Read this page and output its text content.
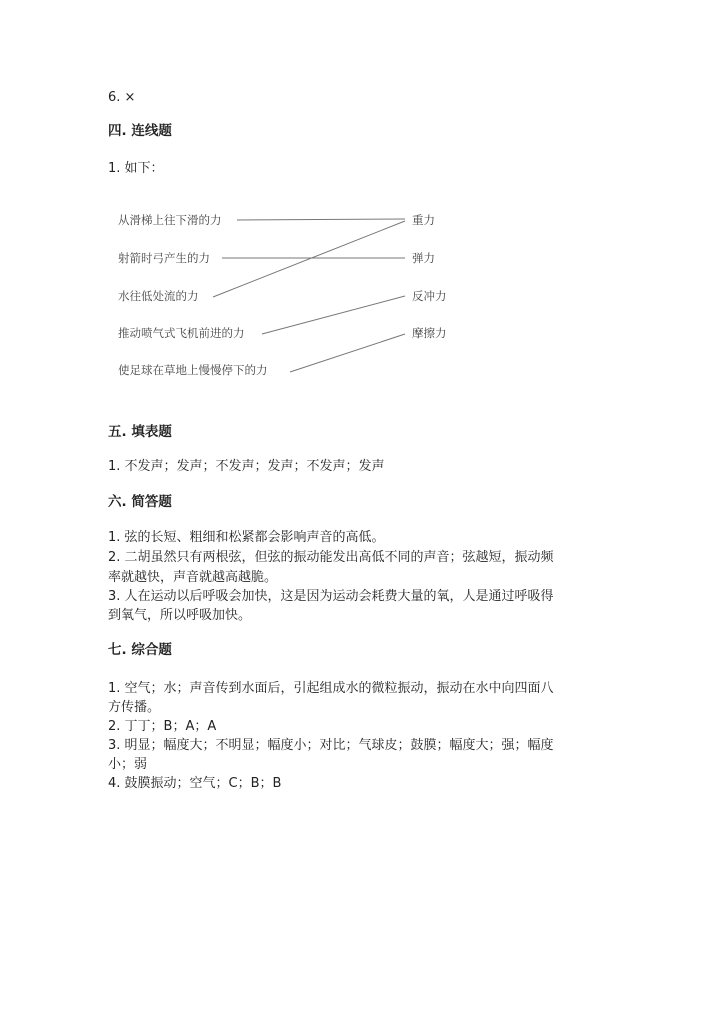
6. ×
四. 连线题
1. 如下：
从滑梯上往下滑的力
射箭时弓产生的力
水往低处流的力
推动喷气式飞机前进的力
使足球在草地上慢慢停下的力
重力
弹力
反冲力
摩擦力
五. 填表题
1. 不发声；发声；不发声；发声；不发声；发声
六. 简答题
1. 弦的长短、粗细和松紧都会影响声音的高低。
2. 二胡虽然只有两根弦，但弦的振动能发出高低不同的声音；弦越短，振动频
率就越快，声音就越高越脆。
3. 人在运动以后呼吸会加快，这是因为运动会耗费大量的氧，人是通过呼吸得
到氧气，所以呼吸加快。
七. 综合题
1. 空气；水；声音传到水面后，引起组成水的微粒振动，振动在水中向四面八
方传播。
2. 丁丁；B；A；A
3. 明显；幅度大；不明显；幅度小；对比；气球皮；鼓膜；幅度大；强；幅度
小；弱
4. 鼓膜振动；空气；C；B；B
